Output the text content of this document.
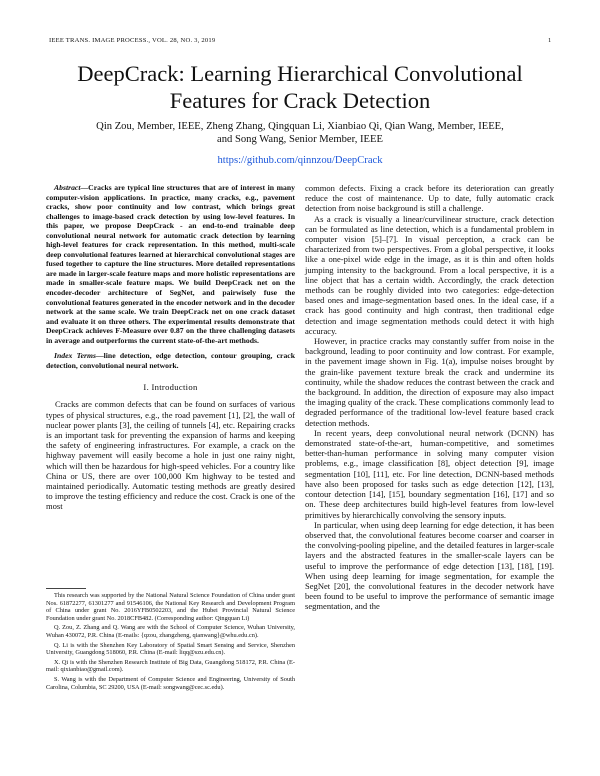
IEEE TRANS. IMAGE PROCESS., VOL. 28, NO. 3, 2019	1
DeepCrack: Learning Hierarchical Convolutional Features for Crack Detection
Qin Zou, Member, IEEE, Zheng Zhang, Qingquan Li, Xianbiao Qi, Qian Wang, Member, IEEE,
and Song Wang, Senior Member, IEEE
https://github.com/qinnzou/DeepCrack

Abstract—Cracks are typical line structures that are of interest in many computer-vision applications. In practice, many cracks, e.g., pavement cracks, show poor continuity and low contrast, which brings great challenges to image-based crack detection by using low-level features. In this paper, we propose DeepCrack - an end-to-end trainable deep convolutional neural network for automatic crack detection by learning high-level features for crack representation. In this method, multi-scale deep convolutional features learned at hierarchical convolutional stages are fused together to capture the line structures. More detailed representations are made in larger-scale feature maps and more holistic representations are made in smaller-scale feature maps. We build DeepCrack net on the encoder-decoder architecture of SegNet, and pairwisely fuse the convolutional features generated in the encoder network and in the decoder network at the same scale. We train DeepCrack net on one crack dataset and evaluate it on three others. The experimental results demonstrate that DeepCrack achieves F-Measure over 0.87 on the three challenging datasets in average and outperforms the current state-of-the-art methods.

Index Terms—line detection, edge detection, contour grouping, crack detection, convolutional neural network.

I. Introduction

Cracks are common defects that can be found on surfaces of various types of physical structures, e.g., the road pavement [1], [2], the wall of nuclear power plants [3], the ceiling of tunnels [4], etc. Repairing cracks is an important task for preventing the expansion of harms and keeping the safety of engineering infrastructures. For example, a crack on the highway pavement will easily become a hole in just one rainy night, which will then be hazardous for high-speed vehicles. For a country like China or US, there are over 100,000 Km highway to be tested and maintained periodically. Automatic testing methods are greatly desired to improve the testing efficiency and reduce the cost. Crack is one of the most

This research was supported by the National Natural Science Foundation of China under grant Nos. 61872277, 61301277 and 91546106, the National Key Research and Development Program of China under grant No. 2016YFB0502203, and the Hubei Provincial Natural Science Foundation under grant No. 2018CFB482. (Corresponding author: Qingquan Li)

Q. Zou, Z. Zhang and Q. Wang are with the School of Computer Science, Wuhan University, Wuhan 430072, P.R. China (E-mails: {qzou, zhangzheng, qianwang}@whu.edu.cn).

Q. Li is with the Shenzhen Key Laboratory of Spatial Smart Sensing and Service, Shenzhen University, Guangdong 518060, P.R. China (E-mail: liqq@szu.edu.cn).

X. Qi is with the Shenzhen Research Institute of Big Data, Guangdong 518172, P.R. China (E-mail: qixianbiao@gmail.com).

S. Wang is with the Department of Computer Science and Engineering, University of South Carolina, Columbia, SC 29200, USA (E-mail: songwang@cec.sc.edu).

common defects. Fixing a crack before its deterioration can greatly reduce the cost of maintenance. Up to date, fully automatic crack detection from noise background is still a challenge.

As a crack is visually a linear/curvilinear structure, crack detection can be formulated as line detection, which is a fundamental problem in computer vision [5]–[7]. In visual perception, a crack can be characterized from two perspectives. From a global perspective, it looks like a one-pixel wide edge in the image, as it is thin and often holds jumping intensity to the background. From a local perspective, it is a line object that has a certain width. Accordingly, the crack detection methods can be roughly divided into two categories: edge-detection based ones and image-segmentation based ones. In the ideal case, if a crack has good continuity and high contrast, then traditional edge detection and image segmentation methods could detect it with high accuracy.

However, in practice cracks may constantly suffer from noise in the background, leading to poor continuity and low contrast. For example, in the pavement image shown in Fig. 1(a), impulse noises brought by the grain-like pavement texture break the crack and undermine its continuity, while the shadow reduces the contrast between the crack and the background. In addition, the direction of exposure may also impact the imaging quality of the crack. These complications commonly lead to degraded performance of the traditional low-level feature based crack detection methods.

In recent years, deep convolutional neural network (DCNN) has demonstrated state-of-the-art, human-competitive, and sometimes better-than-human performance in solving many computer vision problems, e.g., image classification [8], object detection [9], image segmentation [10], [11], etc. For line detection, DCNN-based methods have also been proposed for tasks such as edge detection [12], [13], contour detection [14], [15], boundary segmentation [16], [17] and so on. These deep architectures build high-level features from low-level primitives by hierarchically convolving the sensory inputs.

In particular, when using deep learning for edge detection, it has been observed that, the convolutional features become coarser and coarser in the convolving-pooling pipeline, and the detailed features in larger-scale layers and the abstracted features in the smaller-scale layers can be useful to improve the performance of edge detection [13], [18], [19]. When using deep learning for image segmentation, for example the SegNet [20], the convolutional features in the decoder network have been found to be useful to improve the performance of semantic image segmentation, and the
